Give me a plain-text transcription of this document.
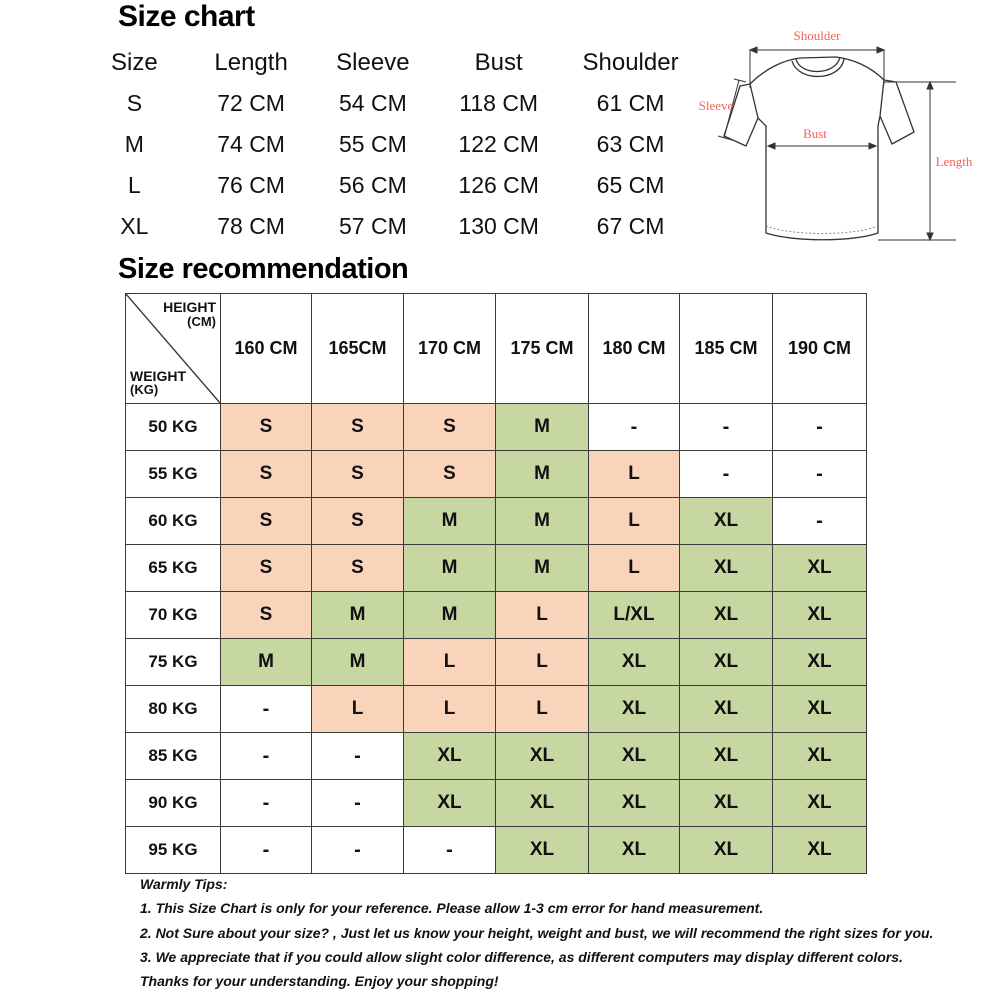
Size chart
Size	Length	Sleeve	Bust	Shoulder
S	72 CM	54 CM	118 CM	61 CM
M	74 CM	55 CM	122 CM	63 CM
L	76 CM	56 CM	126 CM	65 CM
XL	78 CM	57 CM	130 CM	67 CM
Shoulder
Sleeve
Bust
Length
Size recommendation
HEIGHT
(CM)
WEIGHT
(KG)	160 CM	165CM	170 CM	175 CM	180 CM	185 CM	190 CM
50 KG	S	S	S	M	-	-	-
55 KG	S	S	S	M	L	-	-
60 KG	S	S	M	M	L	XL	-
65 KG	S	S	M	M	L	XL	XL
70 KG	S	M	M	L	L/XL	XL	XL
75 KG	M	M	L	L	XL	XL	XL
80 KG	-	L	L	L	XL	XL	XL
85 KG	-	-	XL	XL	XL	XL	XL
90 KG	-	-	XL	XL	XL	XL	XL
95 KG	-	-	-	XL	XL	XL	XL

Warmly Tips:

1. This Size Chart is only for your reference. Please allow 1-3 cm error for hand measurement.

2. Not Sure about your size? , Just let us know your height, weight and bust, we will recommend the right sizes for you.

3. We appreciate that if you could allow slight color difference, as different computers may display different colors.

Thanks for your understanding. Enjoy your shopping!
